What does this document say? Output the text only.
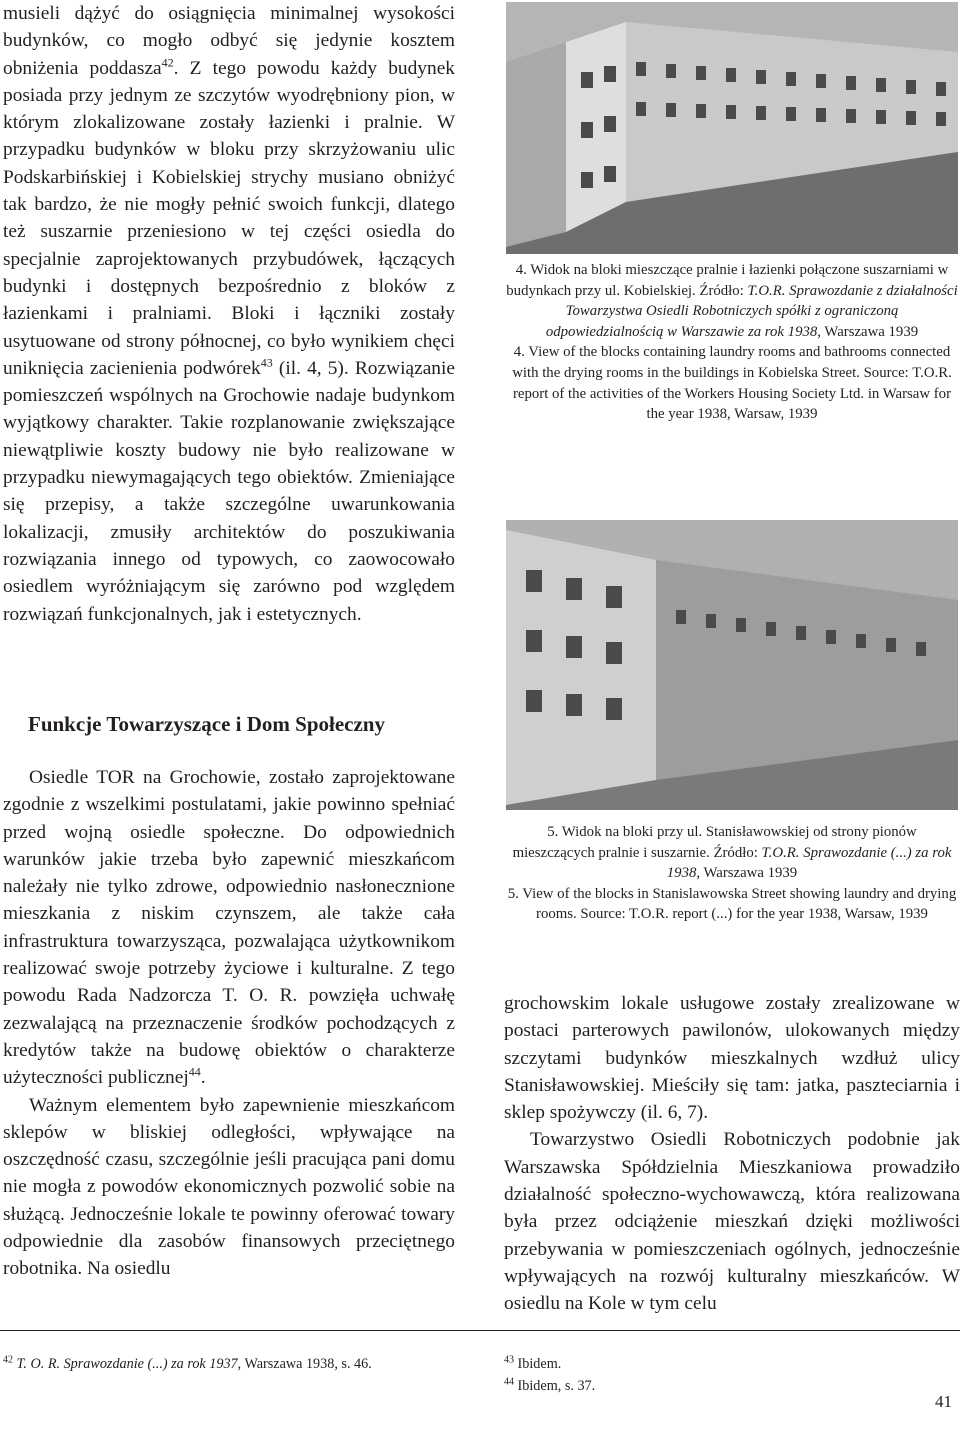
musieli dążyć do osiągnięcia minimalnej wysokości budynków, co mogło odbyć się jedynie kosztem obniżenia poddasza$^{42}$. Z tego powodu każdy budynek posiada przy jednym ze szczytów wyodrębniony pion, w którym zlokalizowane zostały łazienki i pralnie. W przypadku budynków w bloku przy skrzyżowaniu ulic Podskarbińskiej i Kobielskiej strychy musiano obniżyć tak bardzo, że nie mogły pełnić swoich funkcji, dlatego też suszarnie przeniesiono w tej części osiedla do specjalnie zaprojektowanych przybudówek, łączących budynki i dostępnych bezpośrednio z bloków z łazienkami i pralniami. Bloki i łączniki zostały usytuowane od strony północnej, co było wynikiem chęci uniknięcia zacienienia podwórek$^{43}$ (il. 4, 5). Rozwiązanie pomieszczeń wspólnych na Grochowie nadaje budynkom wyjątkowy charakter. Takie rozplanowanie zwiększające niewątpliwie koszty budowy nie było realizowane w przypadku niewymagających tego obiektów. Zmieniające się przepisy, a także szczególne uwarunkowania lokalizacji, zmusiły architektów do poszukiwania rozwiązania innego od typowych, co zaowocowało osiedlem wyróżniającym się zarówno pod względem rozwiązań funkcjonalnych, jak i estetycznych.

Funkcje Towarzyszące i Dom Społeczny

Osiedle TOR na Grochowie, zostało zaprojektowane zgodnie z wszelkimi postulatami, jakie powinno spełniać przed wojną osiedle społeczne. Do odpowiednich warunków jakie trzeba było zapewnić mieszkańcom należały nie tylko zdrowe, odpowiednio nasłonecznione mieszkania z niskim czynszem, ale także cała infrastruktura towarzysząca, pozwalająca użytkownikom realizować swoje potrzeby życiowe i kulturalne. Z tego powodu Rada Nadzorcza T. O. R. powzięła uchwałę zezwalającą na przeznaczenie środków pochodzących z kredytów także na budowę obiektów o charakterze użyteczności publicznej$^{44}$.

Ważnym elementem było zapewnienie mieszkańcom sklepów w bliskiej odległości, wpływające na oszczędność czasu, szczególnie jeśli pracująca pani domu nie mogła z powodów ekonomicznych pozwolić sobie na służącą. Jednocześnie lokale te powinny oferować towary odpowiednie dla zasobów finansowych przeciętnego robotnika. Na osiedlu

4. Widok na bloki mieszczące pralnie i łazienki połączone suszarniami w budynkach przy ul. Kobielskiej. Źródło: T.O.R. Sprawozdanie z działalności Towarzystwa Osiedli Robotniczych spółki z ograniczoną odpowiedzialnością w Warszawie za rok 1938, Warszawa 1939

4. View of the blocks containing laundry rooms and bathrooms connected with the drying rooms in the buildings in Kobielska Street. Source: T.O.R. report of the activities of the Workers Housing Society Ltd. in Warsaw for the year 1938, Warsaw, 1939

5. Widok na bloki przy ul. Stanisławowskiej od strony pionów mieszczących pralnie i suszarnie. Źródło: T.O.R. Sprawozdanie (...) za rok 1938, Warszawa 1939

5. View of the blocks in Stanislawowska Street showing laundry and drying rooms. Source: T.O.R. report (...) for the year 1938, Warsaw, 1939

grochowskim lokale usługowe zostały zrealizowane w postaci parterowych pawilonów, ulokowanych między szczytami budynków mieszkalnych wzdłuż ulicy Stanisławowskiej. Mieściły się tam: jatka, paszteciarnia i sklep spożywczy (il. 6, 7).

Towarzystwo Osiedli Robotniczych podobnie jak Warszawska Spółdzielnia Mieszkaniowa prowadziło działalność społeczno-wychowawczą, która realizowana była przez odciążenie mieszkań dzięki możliwości przebywania w pomieszczeniach ogólnych, jednocześnie wpływających na rozwój kulturalny mieszkańców. W osiedlu na Kole w tym celu

$^{42}$ T. O. R. Sprawozdanie (...) za rok 1937, Warszawa 1938, s. 46.	$^{43}$ Ibidem.

$^{44}$ Ibidem, s. 37.

41
